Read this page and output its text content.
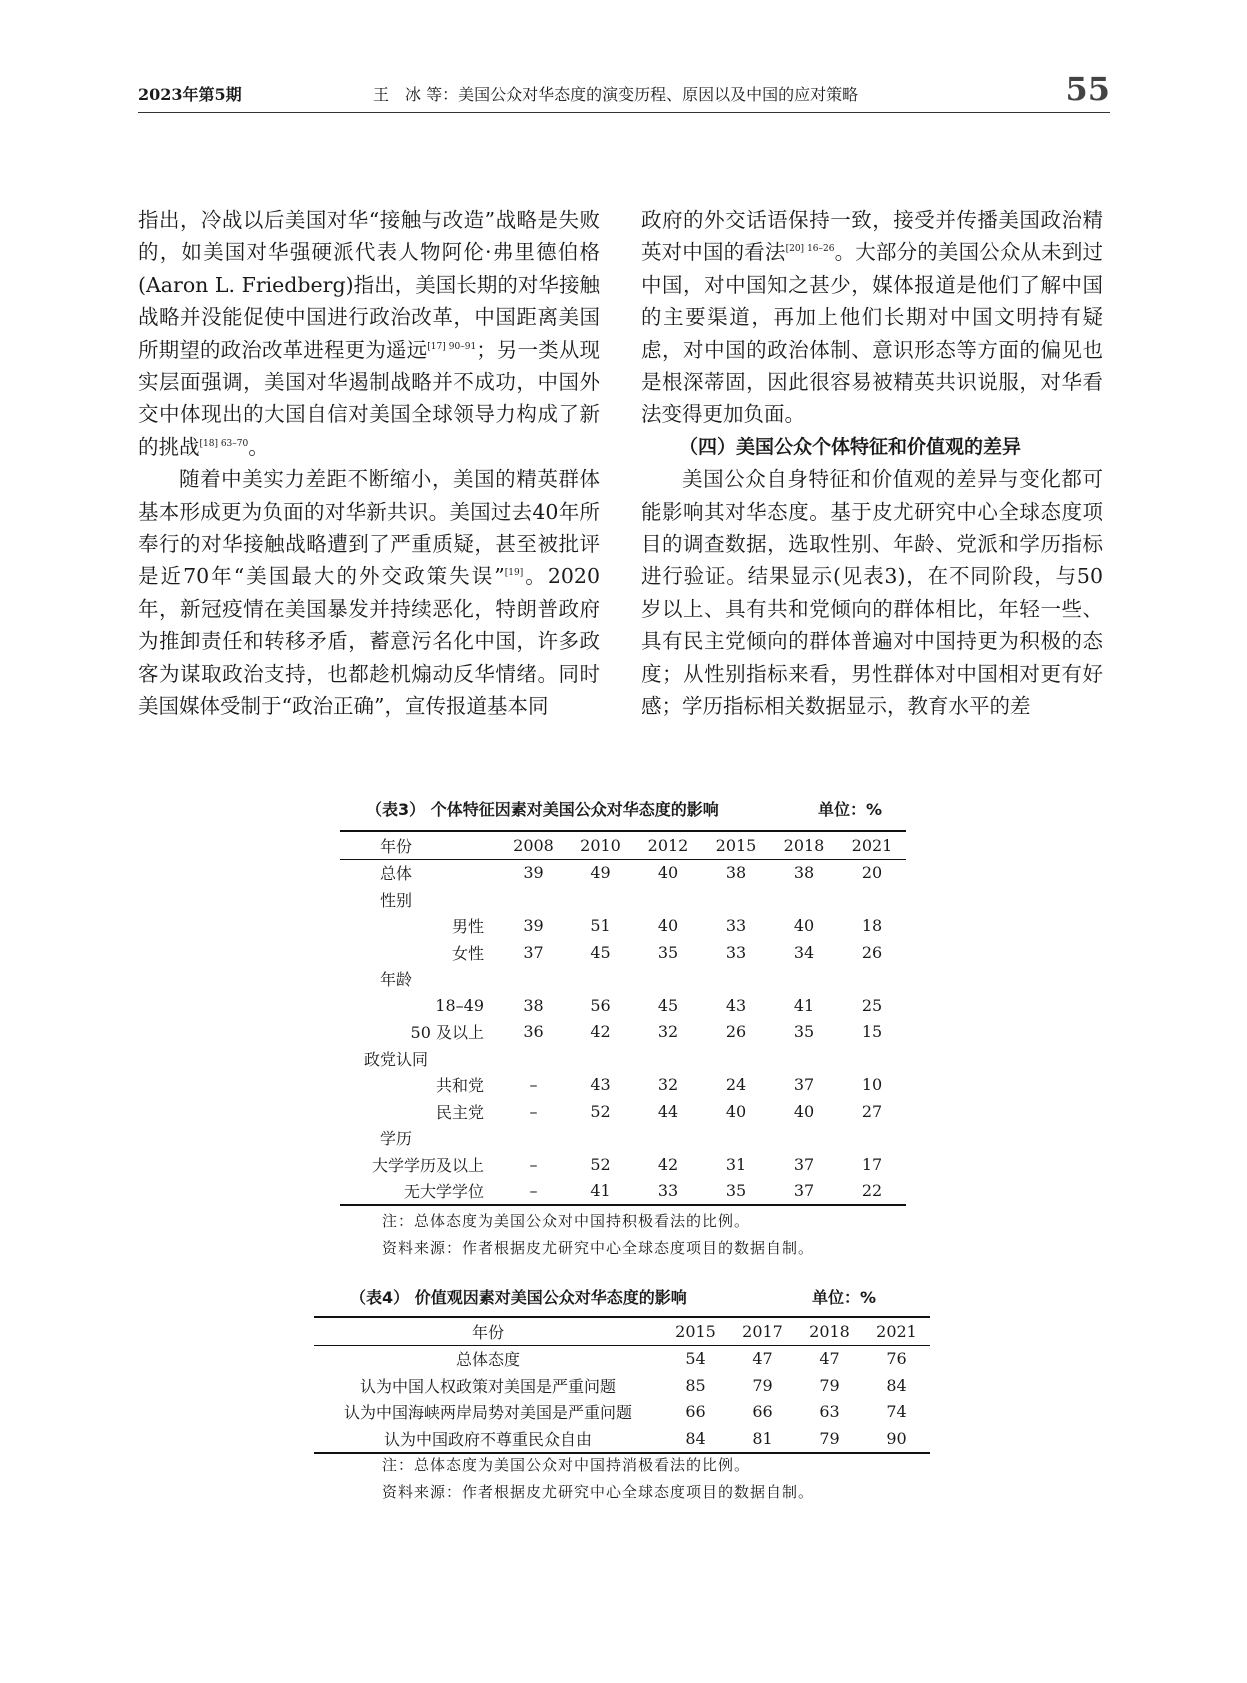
2023年第5期	王　冰 等：美国公众对华态度的演变历程、原因以及中国的应对策略	55

指出，冷战以后美国对华“接触与改造”战略是失败的，如美国对华强硬派代表人物阿伦·弗里德伯格(Aaron L. Friedberg)指出，美国长期的对华接触战略并没能促使中国进行政治改革，中国距离美国所期望的政治改革进程更为遥远$^{[17] 90-91}$；另一类从现实层面强调，美国对华遏制战略并不成功，中国外交中体现出的大国自信对美国全球领导力构成了新的挑战$^{[18] 63-70}$。

随着中美实力差距不断缩小，美国的精英群体基本形成更为负面的对华新共识。美国过去40年所奉行的对华接触战略遭到了严重质疑，甚至被批评是近70年“美国最大的外交政策失误”[19]。2020年，新冠疫情在美国暴发并持续恶化，特朗普政府为推卸责任和转移矛盾，蓄意污名化中国，许多政客为谋取政治支持，也都趁机煽动反华情绪。同时美国媒体受制于“政治正确”，宣传报道基本同

政府的外交话语保持一致，接受并传播美国政治精英对中国的看法$^{[20] 16-26}$。大部分的美国公众从未到过中国，对中国知之甚少，媒体报道是他们了解中国的主要渠道，再加上他们长期对中国文明持有疑虑，对中国的政治体制、意识形态等方面的偏见也是根深蒂固，因此很容易被精英共识说服，对华看法变得更加负面。

（四）美国公众个体特征和价值观的差异

美国公众自身特征和价值观的差异与变化都可能影响其对华态度。基于皮尤研究中心全球态度项目的调查数据，选取性别、年龄、党派和学历指标进行验证。结果显示(见表3)，在不同阶段，与50岁以上、具有共和党倾向的群体相比，年轻一些、具有民主党倾向的群体普遍对中国持更为积极的态度；从性别指标来看，男性群体对中国相对更有好感；学历指标相关数据显示，教育水平的差

（表3） 个体特征因素对美国公众对华态度的影响	单位：%
年份	2008	2010	2012	2015	2018	2021
总体	39	49	40	38	38	20
性别						
男性	39	51	40	33	40	18
女性	37	45	35	33	34	26
年龄						
18–49	38	56	45	43	41	25
50 及以上	36	42	32	26	35	15
政党认同						
共和党	–	43	32	24	37	10
民主党	–	52	44	40	40	27
学历						
大学学历及以上	–	52	42	31	37	17
无大学学位	–	41	33	35	37	22
注：总体态度为美国公众对中国持积极看法的比例。
资料来源：作者根据皮尤研究中心全球态度项目的数据自制。
（表4） 价值观因素对美国公众对华态度的影响	单位：%
年份	2015	2017	2018	2021
总体态度	54	47	47	76
认为中国人权政策对美国是严重问题	85	79	79	84
认为中国海峡两岸局势对美国是严重问题	66	66	63	74
认为中国政府不尊重民众自由	84	81	79	90
注：总体态度为美国公众对中国持消极看法的比例。
资料来源：作者根据皮尤研究中心全球态度项目的数据自制。
